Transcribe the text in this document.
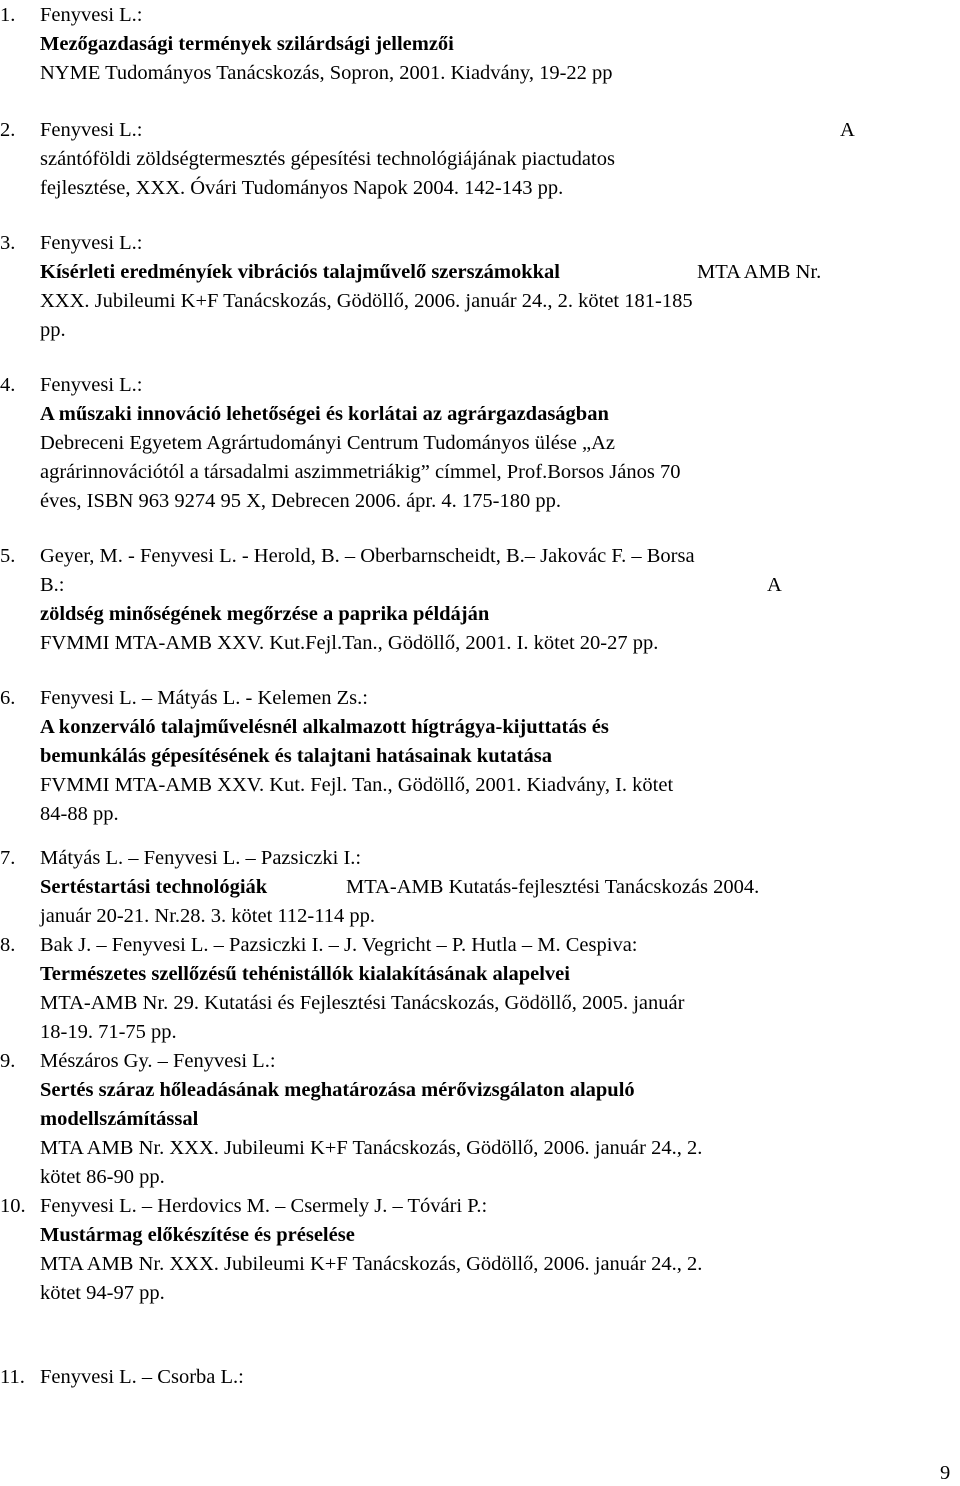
1. Fenyvesi L.:
Mezőgazdasági termények szilárdsági jellemzői
NYME Tudományos Tanácskozás, Sopron, 2001. Kiadvány, 19-22 pp
2. Fenyvesi L.:	A
szántóföldi zöldségtermesztés gépesítési technológiájának piactudatos
fejlesztése, XXX. Óvári Tudományos Napok 2004. 142-143 pp.
3. Fenyvesi L.:
Kísérleti eredményíek vibrációs talajművelő szerszámokkal	MTA AMB Nr.
XXX. Jubileumi K+F Tanácskozás, Gödöllő, 2006. január 24., 2. kötet 181-185
pp.
4. Fenyvesi L.:
A műszaki innováció lehetőségei és korlátai az agrárgazdaságban
Debreceni Egyetem Agrártudományi Centrum Tudományos ülése „Az
agrárinnovációtól a társadalmi aszimmetriákig” címmel, Prof.Borsos János 70
éves, ISBN 963 9274 95 X, Debrecen 2006. ápr. 4. 175-180 pp.
5. Geyer, M. - Fenyvesi L. - Herold, B. – Oberbarnscheidt, B.– Jakovác F. – Borsa
B.:	A
zöldség minőségének megőrzése a paprika példáján
FVMMI MTA-AMB XXV. Kut.Fejl.Tan., Gödöllő, 2001. I. kötet 20-27 pp.
6. Fenyvesi L. – Mátyás L. - Kelemen Zs.:
A konzerváló talajművelésnél alkalmazott hígtrágya-kijuttatás és
bemunkálás gépesítésének és talajtani hatásainak kutatása
FVMMI MTA-AMB XXV. Kut. Fejl. Tan., Gödöllő, 2001. Kiadvány, I. kötet
84-88 pp.
7. Mátyás L. – Fenyvesi L. – Pazsiczki I.:
Sertéstartási technológiák	MTA-AMB Kutatás-fejlesztési Tanácskozás 2004.
január 20-21. Nr.28. 3. kötet 112-114 pp.
8. Bak J. – Fenyvesi L. – Pazsiczki I. – J. Vegricht – P. Hutla – M. Cespiva:
Természetes szellőzésű tehénistállók kialakításának alapelvei
MTA-AMB Nr. 29. Kutatási és Fejlesztési Tanácskozás, Gödöllő, 2005. január
18-19. 71-75 pp.
9. Mészáros Gy. – Fenyvesi L.:
Sertés száraz hőleadásának meghatározása mérővizsgálaton alapuló
modellszámítással
MTA AMB Nr. XXX. Jubileumi K+F Tanácskozás, Gödöllő, 2006. január 24., 2.
kötet 86-90 pp.
10. Fenyvesi L. – Herdovics M. – Csermely J. – Tóvári P.:
Mustármag előkészítése és préselése
MTA AMB Nr. XXX. Jubileumi K+F Tanácskozás, Gödöllő, 2006. január 24., 2.
kötet 94-97 pp.
11. Fenyvesi L. – Csorba L.:
9
